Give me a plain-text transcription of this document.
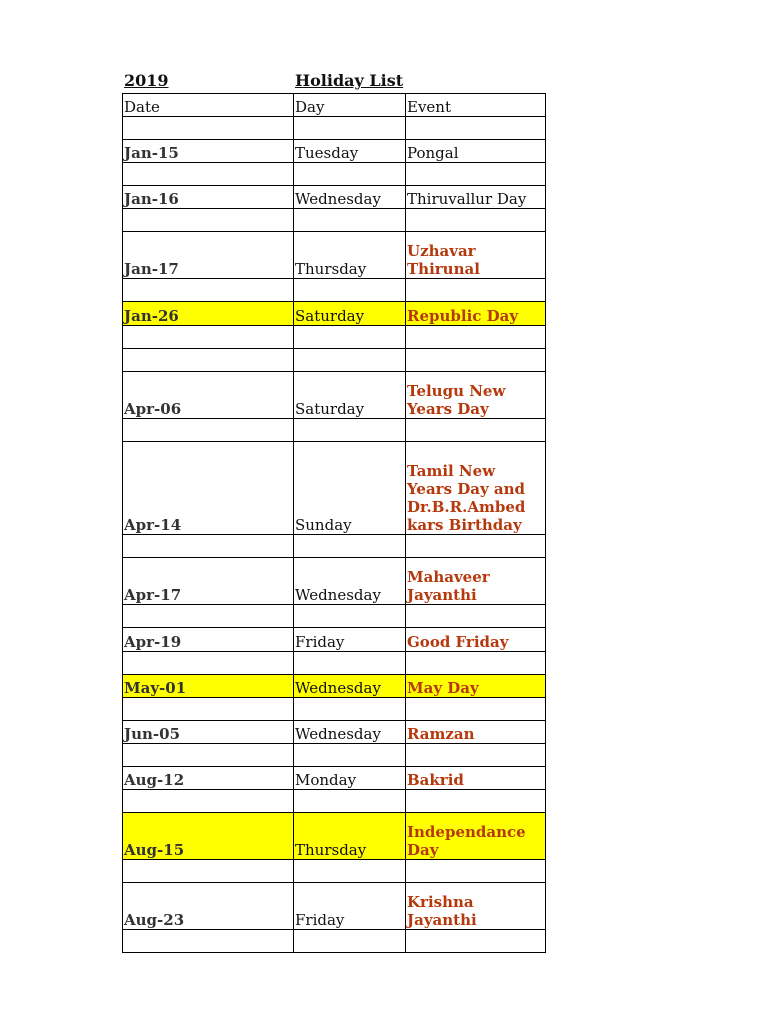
2019	Holiday List
Date	Day	Event

Jan-15	Tuesday	Pongal

Jan-16	Wednesday	Thiruvallur Day

Jan-17	Thursday	Uzhavar Thirunal

Jan-26	Saturday	Republic Day

Apr-06	Saturday	Telugu New Years Day

Apr-14	Sunday	Tamil New Years Day and Dr.B.R.Ambed kars Birthday

Apr-17	Wednesday	Mahaveer Jayanthi

Apr-19	Friday	Good Friday

May-01	Wednesday	May Day

Jun-05	Wednesday	Ramzan

Aug-12	Monday	Bakrid

Aug-15	Thursday	Independance Day

Aug-23	Friday	Krishna Jayanthi
